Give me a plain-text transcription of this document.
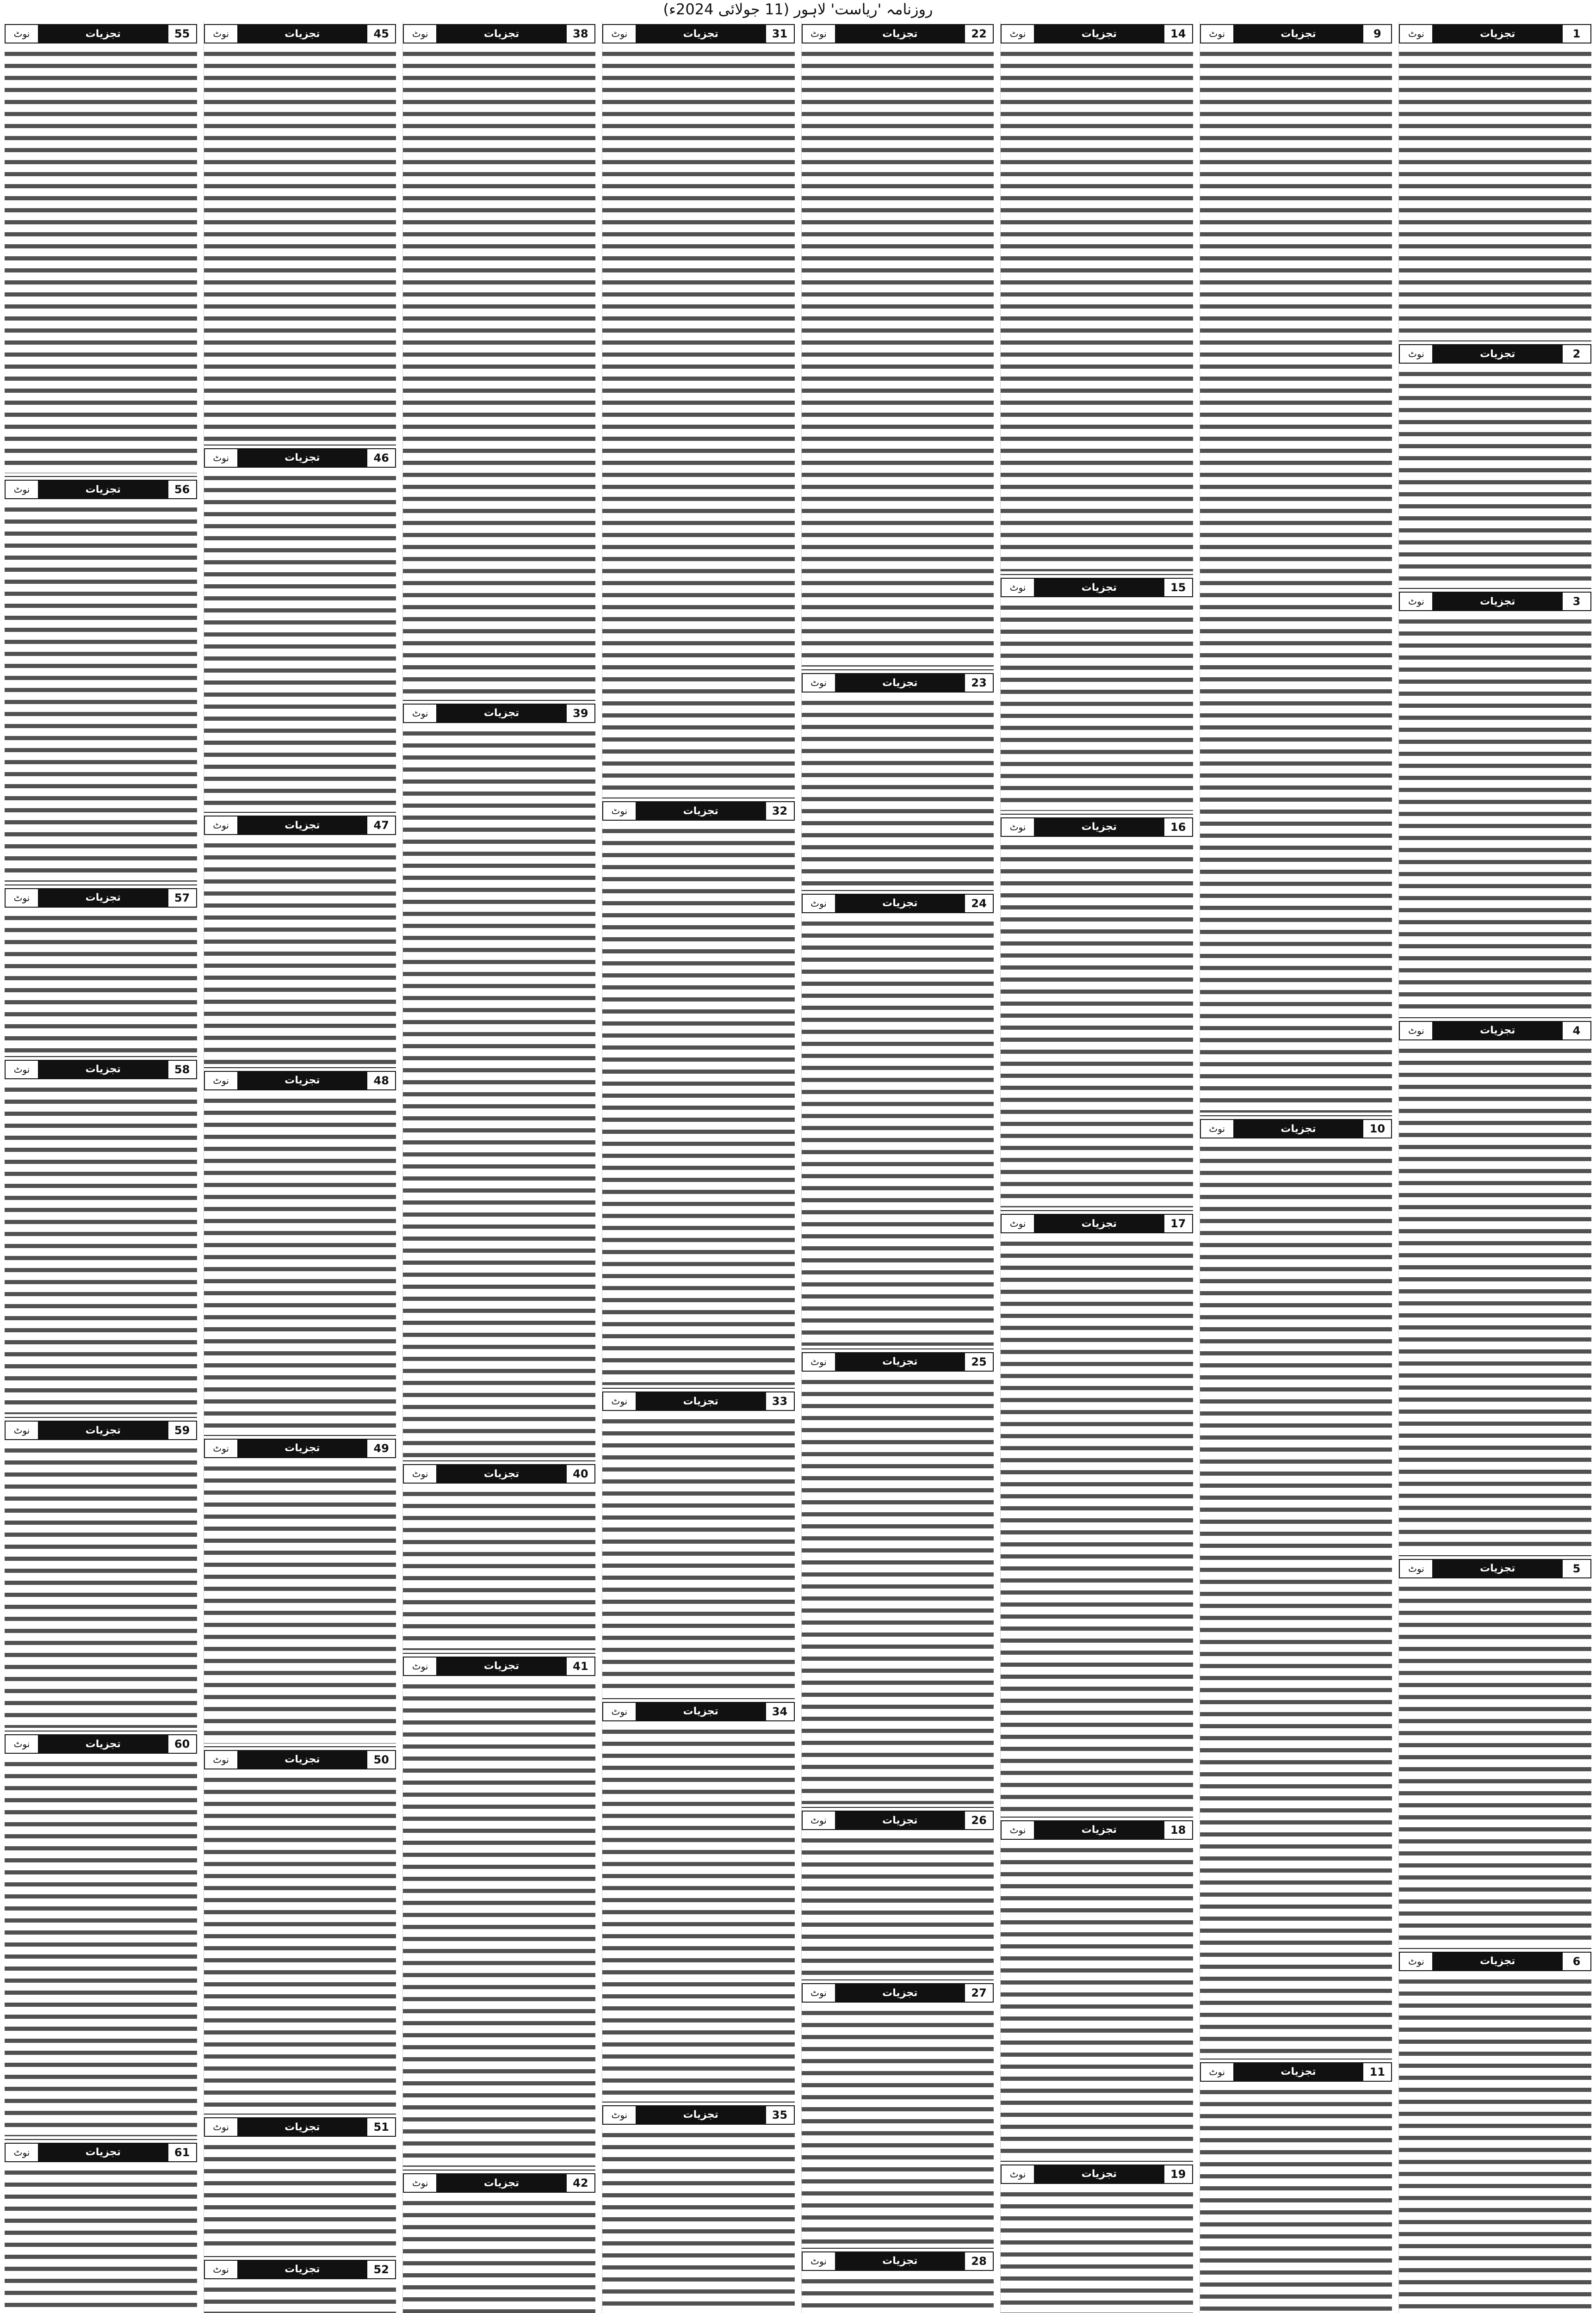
روزنامہ 'ریاست' لاہور (11 جولائی 2024ء)
1
تجزیات
نوٹ
2
تجزیات
نوٹ
3
تجزیات
نوٹ
4
تجزیات
نوٹ
5
تجزیات
نوٹ
6
تجزیات
نوٹ
9
تجزیات
نوٹ
10
تجزیات
نوٹ
11
تجزیات
نوٹ
14
تجزیات
نوٹ
15
تجزیات
نوٹ
16
تجزیات
نوٹ
17
تجزیات
نوٹ
18
تجزیات
نوٹ
19
تجزیات
نوٹ
22
تجزیات
نوٹ
23
تجزیات
نوٹ
24
تجزیات
نوٹ
25
تجزیات
نوٹ
26
تجزیات
نوٹ
27
تجزیات
نوٹ
28
تجزیات
نوٹ
31
تجزیات
نوٹ
32
تجزیات
نوٹ
33
تجزیات
نوٹ
34
تجزیات
نوٹ
35
تجزیات
نوٹ
38
تجزیات
نوٹ
39
تجزیات
نوٹ
40
تجزیات
نوٹ
41
تجزیات
نوٹ
42
تجزیات
نوٹ
45
تجزیات
نوٹ
46
تجزیات
نوٹ
47
تجزیات
نوٹ
48
تجزیات
نوٹ
49
تجزیات
نوٹ
50
تجزیات
نوٹ
51
تجزیات
نوٹ
52
تجزیات
نوٹ
55
تجزیات
نوٹ
56
تجزیات
نوٹ
57
تجزیات
نوٹ
58
تجزیات
نوٹ
59
تجزیات
نوٹ
60
تجزیات
نوٹ
61
تجزیات
نوٹ
